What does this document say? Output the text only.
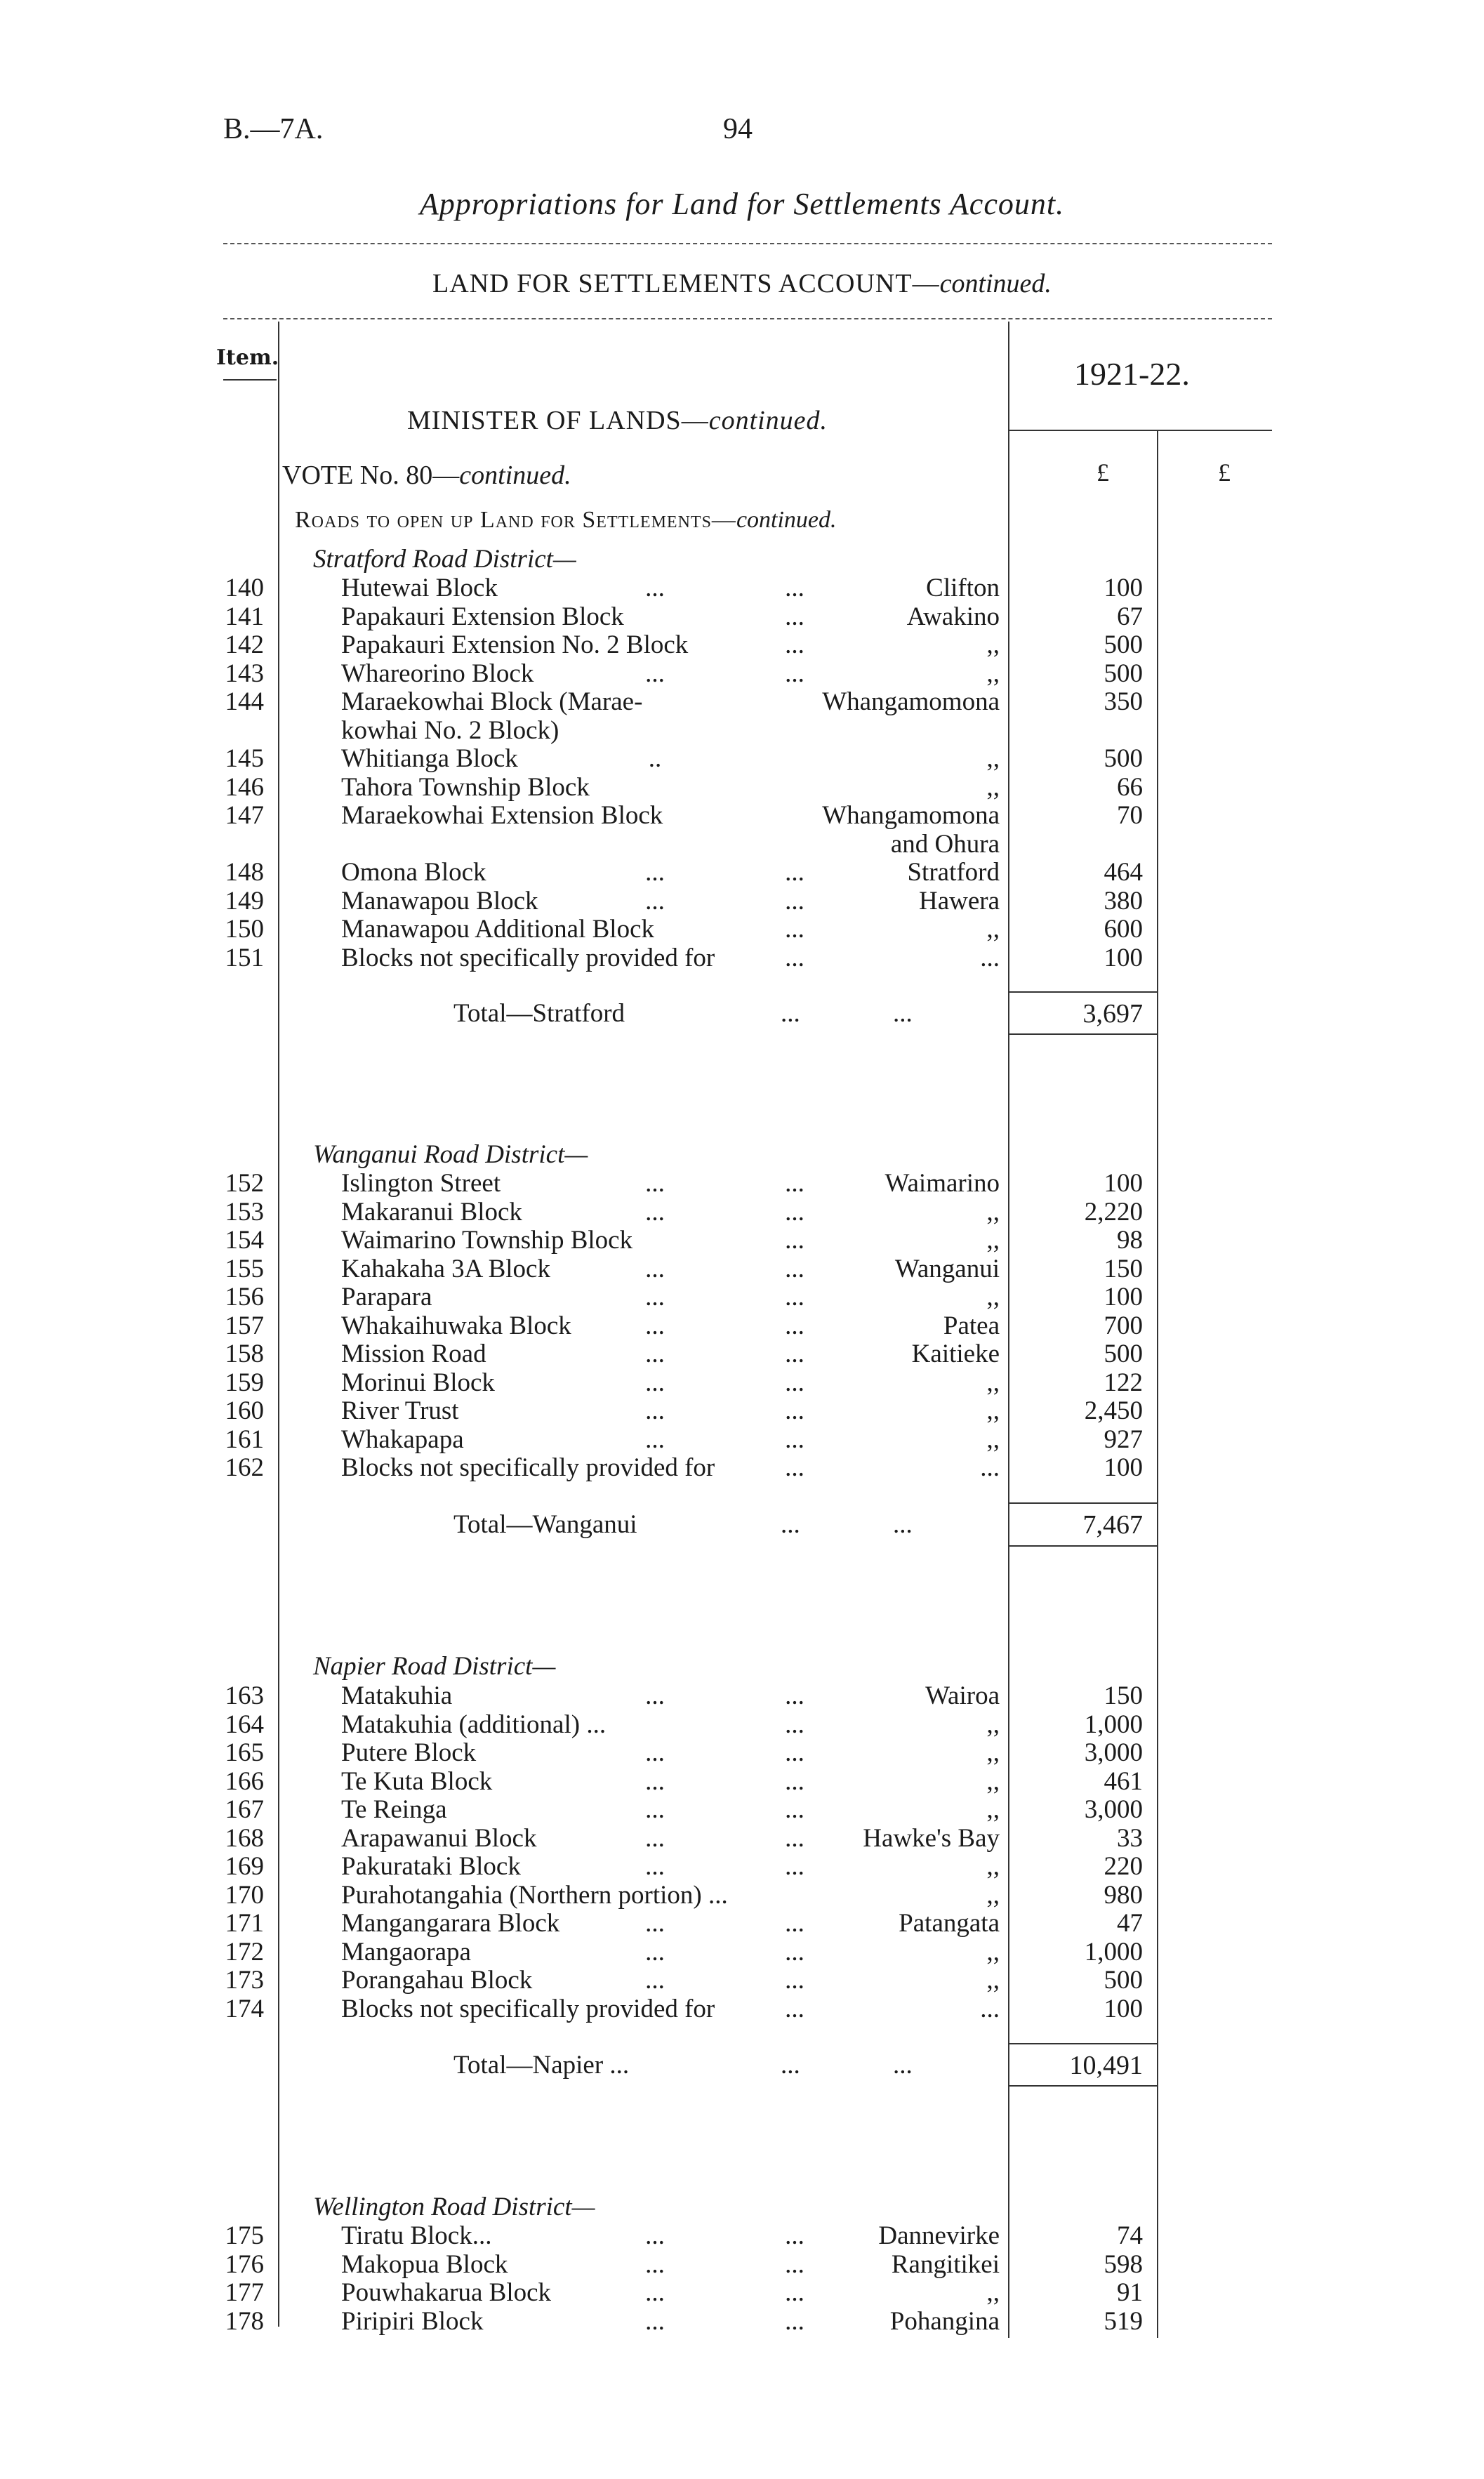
B.—7A.	94
Appropriations for Land for Settlements Account.
LAND FOR SETTLEMENTS ACCOUNT—continued.
Item.	1921-22.
MINISTER OF LANDS—continued.
VOTE No. 80—continued.	£	£
Roads to open up Land for Settlements—continued.
Stratford Road District—
140	Hutewai Block	...	...	Clifton	100
141	Papakauri Extension Block	...	Awakino	67
142	Papakauri Extension No. 2 Block	...	,,	500
143	Whareorino Block	...	...	,,	500
144	Maraekowhai Block (Marae-	Whangamomona	350
kowhai No. 2 Block)
145	Whitianga Block	..	,,	500
146	Tahora Township Block	,,	66
147	Maraekowhai Extension Block	Whangamomona	70
and Ohura
148	Omona Block	...	...	Stratford	464
149	Manawapou Block	...	...	Hawera	380
150	Manawapou Additional Block	...	,,	600
151	Blocks not specifically provided for	...	...	100
Total—Stratford	...	...	3,697
Wanganui Road District—
152	Islington Street	...	...	Waimarino	100
153	Makaranui Block	...	...	,,	2,220
154	Waimarino Township Block	...	,,	98
155	Kahakaha 3A Block	...	...	Wanganui	150
156	Parapara	...	...	,,	100
157	Whakaihuwaka Block	...	...	Patea	700
158	Mission Road	...	...	Kaitieke	500
159	Morinui Block	...	...	,,	122
160	River Trust	...	...	,,	2,450
161	Whakapapa	...	...	,,	927
162	Blocks not specifically provided for	...	...	100
Total—Wanganui	...	...	7,467
Napier Road District—
163	Matakuhia	...	...	Wairoa	150
164	Matakuhia (additional) ...	...	,,	1,000
165	Putere Block	...	...	,,	3,000
166	Te Kuta Block	...	...	,,	461
167	Te Reinga	...	...	,,	3,000
168	Arapawanui Block	...	...	Hawke's Bay	33
169	Pakurataki Block	...	...	,,	220
170	Purahotangahia (Northern portion) ...	,,	980
171	Mangangarara Block	...	...	Patangata	47
172	Mangaorapa	...	...	,,	1,000
173	Porangahau Block	...	...	,,	500
174	Blocks not specifically provided for	...	...	100
Total—Napier ...	...	...	10,491
Wellington Road District—
175	Tiratu Block...	...	...	Dannevirke	74
176	Makopua Block	...	...	Rangitikei	598
177	Pouwhakarua Block	...	...	,,	91
178	Piripiri Block	...	...	Pohangina	519
